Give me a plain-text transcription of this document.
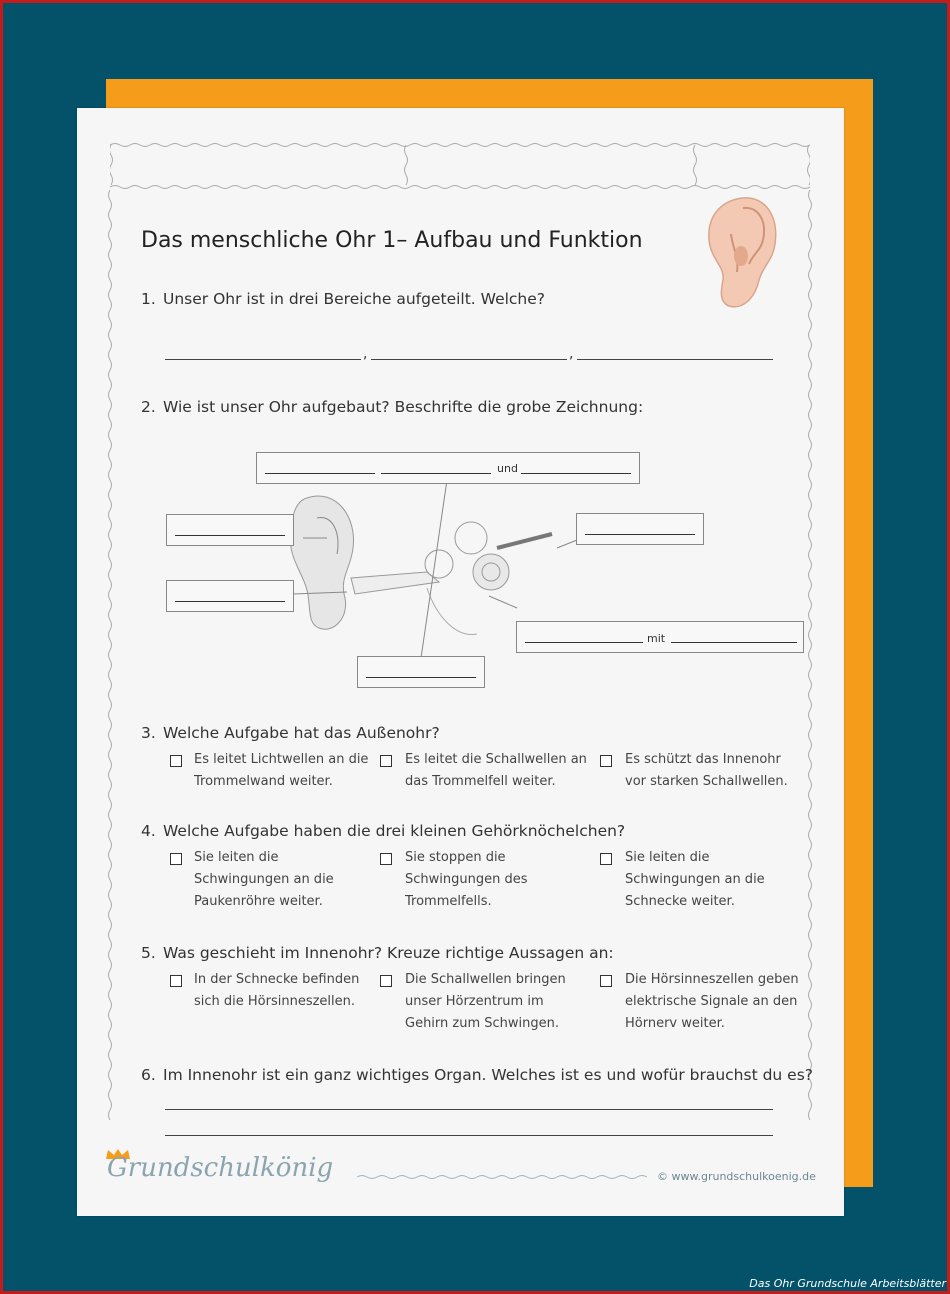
Das menschliche Ohr 1– Aufbau und Funktion
1. Unser Ohr ist in drei Bereiche aufgeteilt. Welche?
,	,
2. Wie ist unser Ohr aufgebaut? Beschrifte die grobe Zeichnung:
und
mit
3. Welche Aufgabe hat das Außenohr?
Es leitet Lichtwellen an die
Trommelwand weiter.
Es leitet die Schallwellen an
das Trommelfell weiter.
Es schützt das Innenohr
vor starken Schallwellen.
4. Welche Aufgabe haben die drei kleinen Gehörknöchelchen?
Sie leiten die
Schwingungen an die
Paukenröhre weiter.
Sie stoppen die
Schwingungen des
Trommelfells.
Sie leiten die
Schwingungen an die
Schnecke weiter.
5. Was geschieht im Innenohr? Kreuze richtige Aussagen an:
In der Schnecke befinden
sich die Hörsinneszellen.
Die Schallwellen bringen
unser Hörzentrum im
Gehirn zum Schwingen.
Die Hörsinneszellen geben
elektrische Signale an den
Hörnerv weiter.
6. Im Innenohr ist ein ganz wichtiges Organ. Welches ist es und wofür brauchst du es?
Grundschulkönig	© www.grundschulkoenig.de
Das Ohr Grundschule Arbeitsblätter
